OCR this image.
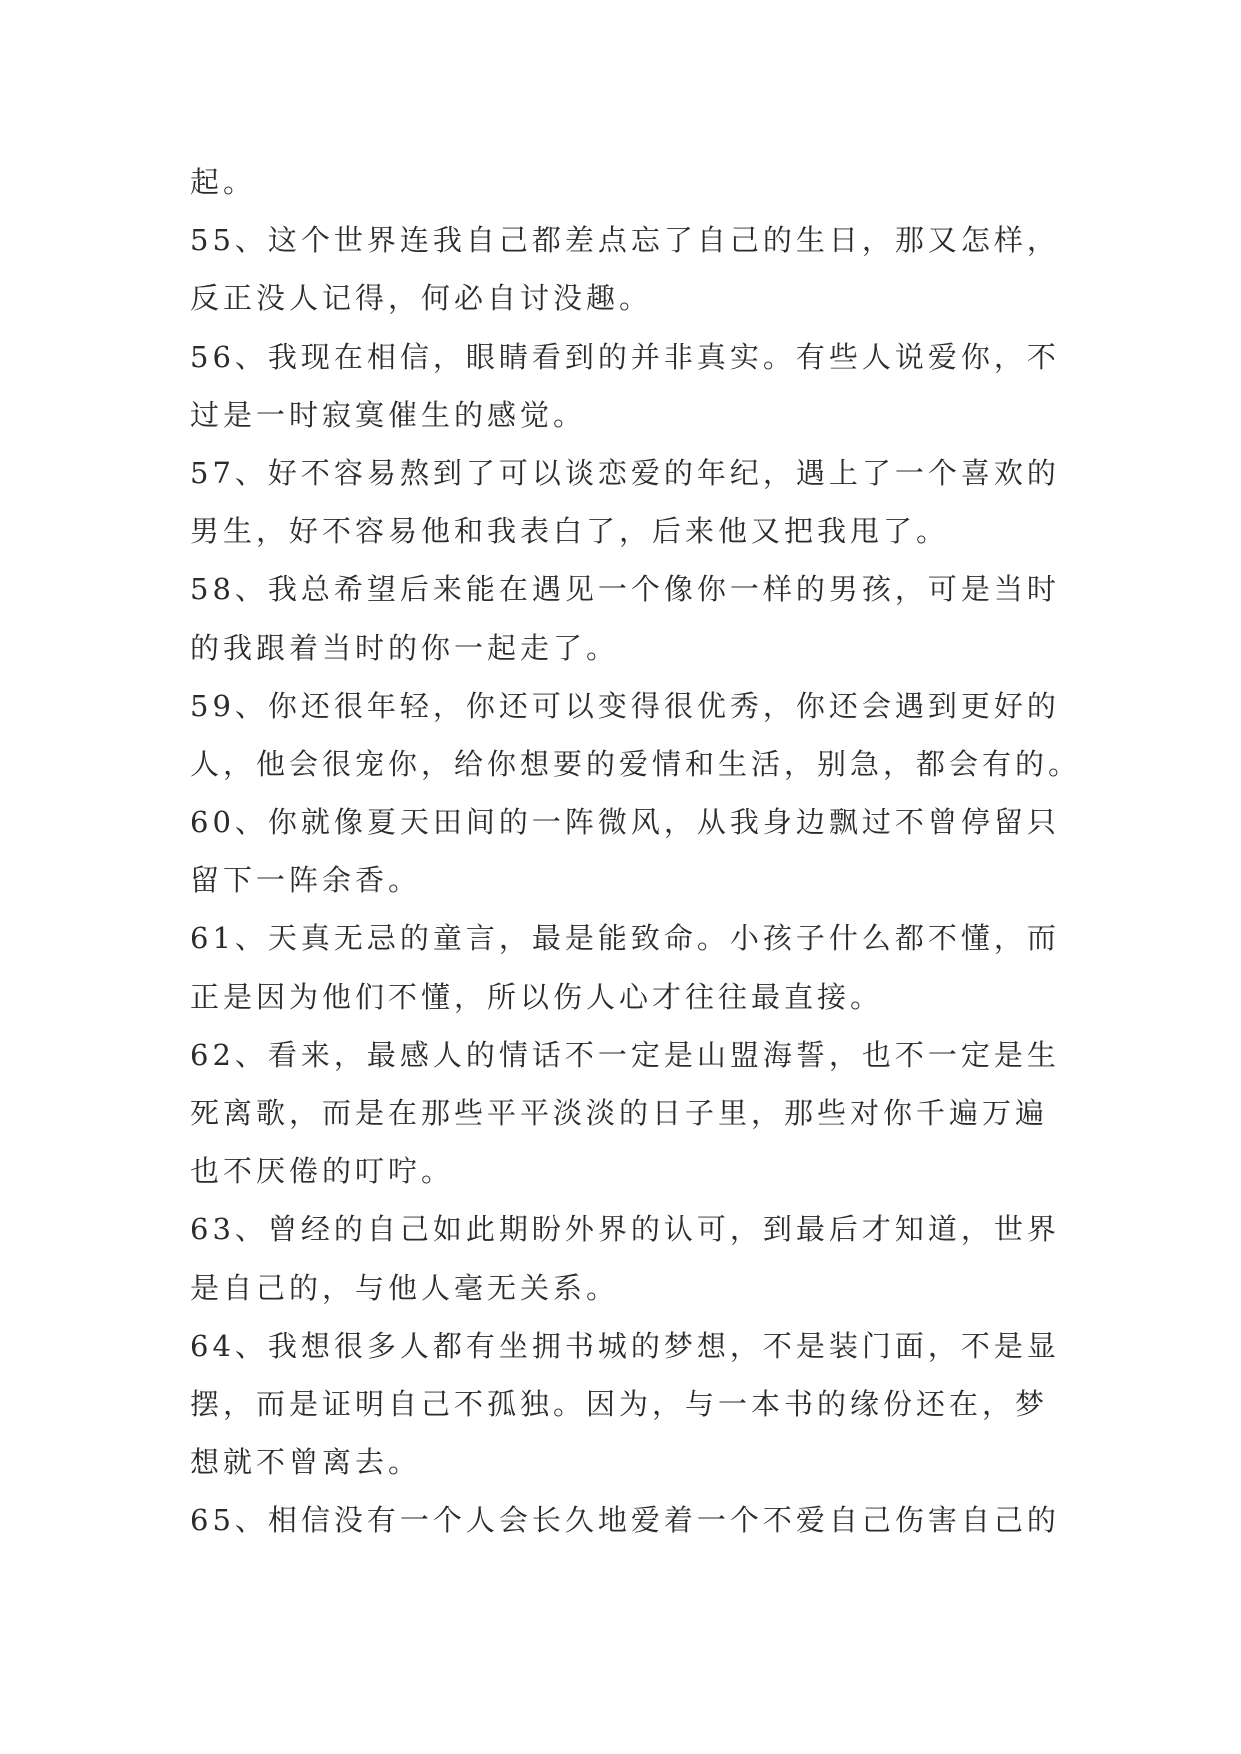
起。
55、这个世界连我自己都差点忘了自己的生日，那又怎样，
反正没人记得，何必自讨没趣。
56、我现在相信，眼睛看到的并非真实。有些人说爱你，不
过是一时寂寞催生的感觉。
57、好不容易熬到了可以谈恋爱的年纪，遇上了一个喜欢的
男生，好不容易他和我表白了，后来他又把我甩了。
58、我总希望后来能在遇见一个像你一样的男孩，可是当时
的我跟着当时的你一起走了。
59、你还很年轻，你还可以变得很优秀，你还会遇到更好的
人，他会很宠你，给你想要的爱情和生活，别急，都会有的。
60、你就像夏天田间的一阵微风，从我身边飘过不曾停留只
留下一阵余香。
61、天真无忌的童言，最是能致命。小孩子什么都不懂，而
正是因为他们不懂，所以伤人心才往往最直接。
62、看来，最感人的情话不一定是山盟海誓，也不一定是生
死离歌，而是在那些平平淡淡的日子里，那些对你千遍万遍
也不厌倦的叮咛。
63、曾经的自己如此期盼外界的认可，到最后才知道，世界
是自己的，与他人毫无关系。
64、我想很多人都有坐拥书城的梦想，不是装门面，不是显
摆，而是证明自己不孤独。因为，与一本书的缘份还在，梦
想就不曾离去。
65、相信没有一个人会长久地爱着一个不爱自己伤害自己的
